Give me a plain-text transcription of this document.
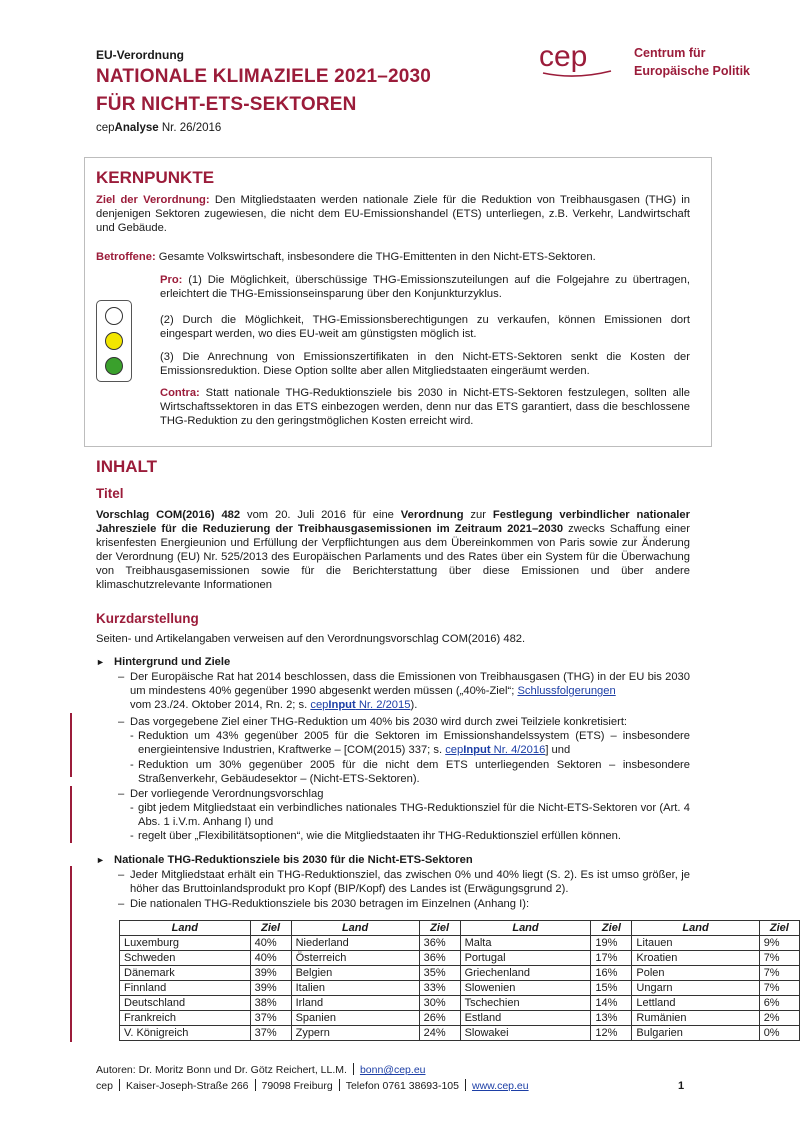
EU-Verordnung
NATIONALE KLIMAZIELE 2021–2030
FÜR NICHT-ETS-SEKTOREN
cepAnalyse Nr. 26/2016
cep	Centrum für
Europäische Politik
KERNPUNKTE
Ziel der Verordnung: Den Mitgliedstaaten werden nationale Ziele für die Reduktion von Treibhausgasen (THG) in denjenigen Sektoren zugewiesen, die nicht dem EU-Emissionshandel (ETS) unterliegen, z.B. Verkehr, Landwirtschaft und Gebäude.
Betroffene: Gesamte Volkswirtschaft, insbesondere die THG-Emittenten in den Nicht-ETS-Sektoren.
Pro: (1) Die Möglichkeit, überschüssige THG-Emissionszuteilungen auf die Folgejahre zu übertragen, erleichtert die THG-Emissionseinsparung über den Konjunkturzyklus.
(2) Durch die Möglichkeit, THG-Emissionsberechtigungen zu verkaufen, können Emissionen dort eingespart werden, wo dies EU-weit am günstigsten möglich ist.
(3) Die Anrechnung von Emissionszertifikaten in den Nicht-ETS-Sektoren senkt die Kosten der Emissionsreduktion. Diese Option sollte aber allen Mitgliedstaaten eingeräumt werden.
Contra: Statt nationale THG-Reduktionsziele bis 2030 in Nicht-ETS-Sektoren festzulegen, sollten alle Wirtschaftssektoren in das ETS einbezogen werden, denn nur das ETS garantiert, dass die beschlossene THG-Reduktion zu den geringstmöglichen Kosten erreicht wird.
INHALT
Titel
Vorschlag COM(2016) 482 vom 20. Juli 2016 für eine Verordnung zur Festlegung verbindlicher nationaler Jahresziele für die Reduzierung der Treibhausgasemissionen im Zeitraum 2021–2030 zwecks Schaffung einer krisenfesten Energieunion und Erfüllung der Verpflichtungen aus dem Übereinkommen von Paris sowie zur Änderung der Verordnung (EU) Nr. 525/2013 des Europäischen Parlaments und des Rates über ein System für die Überwachung von Treibhausgasemissionen sowie für die Berichterstattung über diese Emissionen und über andere klimaschutzrelevante Informationen
Kurzdarstellung
Seiten- und Artikelangaben verweisen auf den Verordnungsvorschlag COM(2016) 482.
► Hintergrund und Ziele
– Der Europäische Rat hat 2014 beschlossen, dass die Emissionen von Treibhausgasen (THG) in der EU bis 2030 um mindestens 40% gegenüber 1990 abgesenkt werden müssen („40%-Ziel“; Schlussfolgerungen
vom 23./24. Oktober 2014, Rn. 2; s. cepInput Nr. 2/2015).
– Das vorgegebene Ziel einer THG-Reduktion um 40% bis 2030 wird durch zwei Teilziele konkretisiert:
- Reduktion um 43% gegenüber 2005 für die Sektoren im Emissionshandelssystem (ETS) – insbesondere energieintensive Industrien, Kraftwerke – [COM(2015) 337; s. cepInput Nr. 4/2016] und
- Reduktion um 30% gegenüber 2005 für die nicht dem ETS unterliegenden Sektoren – insbesondere Straßenverkehr, Gebäudesektor – (Nicht-ETS-Sektoren).
– Der vorliegende Verordnungsvorschlag
- gibt jedem Mitgliedstaat ein verbindliches nationales THG-Reduktionsziel für die Nicht-ETS-Sektoren vor (Art. 4 Abs. 1 i.V.m. Anhang I) und
- regelt über „Flexibilitätsoptionen“, wie die Mitgliedstaaten ihr THG-Reduktionsziel erfüllen können.
► Nationale THG-Reduktionsziele bis 2030 für die Nicht-ETS-Sektoren
– Jeder Mitgliedstaat erhält ein THG-Reduktionsziel, das zwischen 0% und 40% liegt (S. 2). Es ist umso größer, je höher das Bruttoinlandsprodukt pro Kopf (BIP/Kopf) des Landes ist (Erwägungsgrund 2).
– Die nationalen THG-Reduktionsziele bis 2030 betragen im Einzelnen (Anhang I):
Land	Ziel	Land	Ziel	Land	Ziel	Land	Ziel
Luxemburg	40%	Niederland	36%	Malta	19%	Litauen	9%
Schweden	40%	Österreich	36%	Portugal	17%	Kroatien	7%
Dänemark	39%	Belgien	35%	Griechenland	16%	Polen	7%
Finnland	39%	Italien	33%	Slowenien	15%	Ungarn	7%
Deutschland	38%	Irland	30%	Tschechien	14%	Lettland	6%
Frankreich	37%	Spanien	26%	Estland	13%	Rumänien	2%
V. Königreich	37%	Zypern	24%	Slowakei	12%	Bulgarien	0%
Autoren: Dr. Moritz Bonn und Dr. Götz Reichert, LL.M. bonn@cep.eu
cep Kaiser-Joseph-Straße 266 79098 Freiburg Telefon 0761 38693-105 www.cep.eu	1
